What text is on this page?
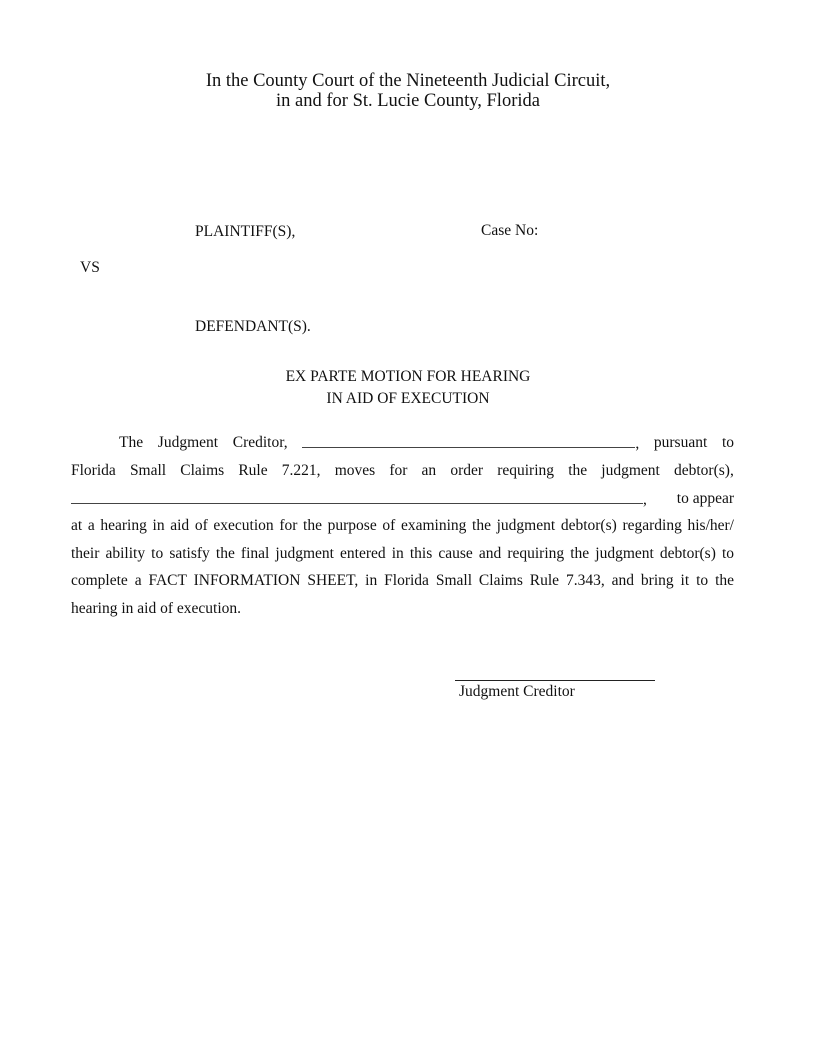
In the County Court of the Nineteenth Judicial Circuit,
in and for St. Lucie County, Florida
PLAINTIFF(S),	Case No:
VS
DEFENDANT(S).
EX PARTE MOTION FOR HEARING
IN AID OF EXECUTION
The Judgment Creditor,	, pursuant to
Florida Small Claims Rule 7.221, moves for an order requiring the judgment debtor(s),
, to appear
at a hearing in aid of execution for the purpose of examining the judgment debtor(s) regarding his/her/
their ability to satisfy the final judgment entered in this cause and requiring the judgment debtor(s) to
complete a FACT INFORMATION SHEET, in Florida Small Claims Rule 7.343, and bring it to the
hearing in aid of execution.
Judgment Creditor
